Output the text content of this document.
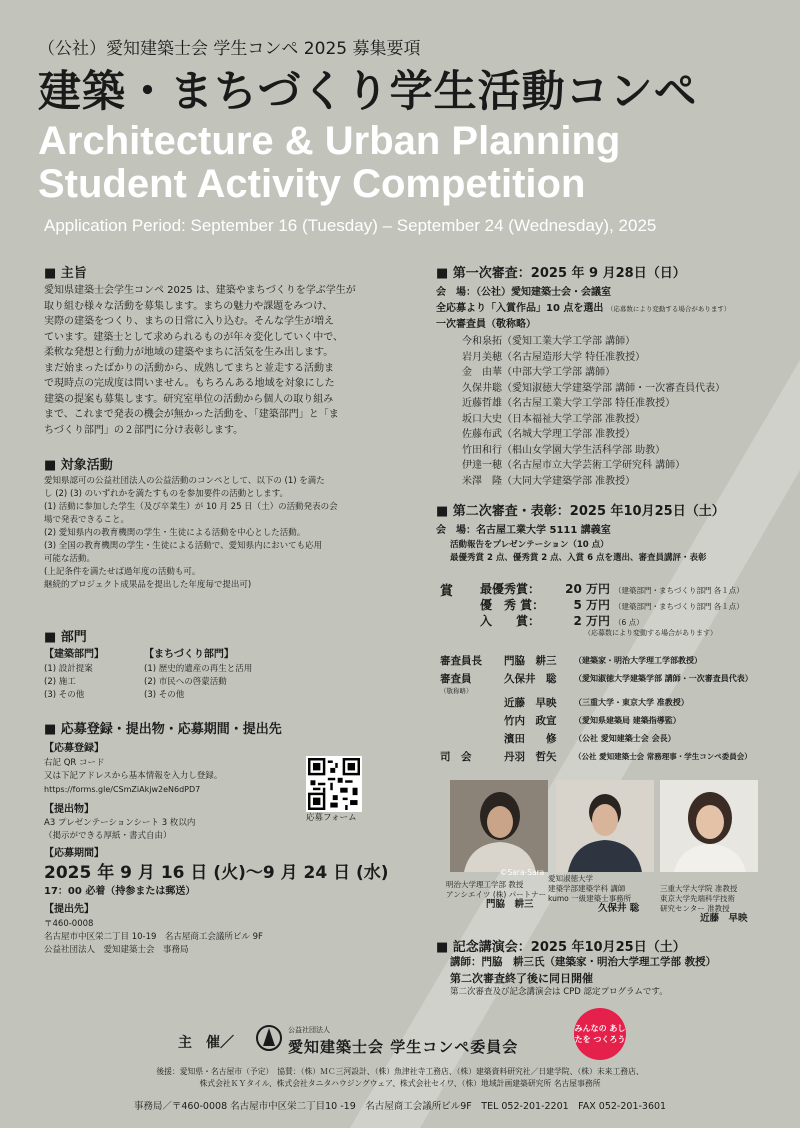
（公社）愛知建築士会 学生コンペ 2025 募集要項
建築・まちづくり学生活動コンペ
Architecture & Urban Planning
Student Activity Competition
Application Period: September 16 (Tuesday) – September 24 (Wednesday), 2025
■ 主旨
愛知県建築士会学生コンペ 2025 は、建築やまちづくりを学ぶ学生が
取り組む様々な活動を募集します。まちの魅力や課題をみつけ、
実際の建築をつくり、まちの日常に入り込む。そんな学生が増え
ています。建築士として求められるものが年々変化していく中で、
柔軟な発想と行動力が地域の建築やまちに活気を生み出します。
まだ始まったばかりの活動から、成熟してまちと並走する活動ま
で現時点の完成度は問いません。もちろんある地域を対象にした
建築の提案も募集します。研究室単位の活動から個人の取り組み
まで、これまで発表の機会が無かった活動を、「建築部門」と「ま
ちづくり部門」の２部門に分け表彰します。
■ 対象活動
愛知県認可の公益社団法人の公益活動のコンペとして、以下の (1) を満た
し (2) (3) のいずれかを満たすものを参加要件の活動とします。
(1) 活動に参加した学生（及び卒業生）が 10 月 25 日（土）の活動発表の会
場で発表できること。
(2) 愛知県内の教育機関の学生・生徒による活動を中心とした活動。
(3) 全国の教育機関の学生・生徒による活動で、愛知県内においても応用
可能な活動。
(上記条件を満たせば過年度の活動も可。
継続的プロジェクト成果品を提出した年度毎で提出可)
■ 部門
【建築部門】
(1) 設計提案
(2) 施工
(3) その他
【まちづくり部門】
(1) 歴史的遺産の再生と活用
(2) 市民への啓蒙活動
(3) その他
■ 応募登録・提出物・応募期間・提出先
【応募登録】
右記 QR コード
又は下記アドレスから基本情報を入力し登録。
https://forms.gle/CSmZiAkjw2eN6dPD7
【提出物】
A3 プレゼンテーションシート 3 枚以内
（掲示ができる厚紙・書式自由）
【応募期間】
2025 年 9 月 16 日 (火)～9 月 24 日 (水)
17：00 必着（持参または郵送）
【提出先】
〒460-0008
名古屋市中区栄二丁目 10-19　名古屋商工会議所ビル 9F
公益社団法人　愛知建築士会　事務局
応募フォーム
■ 第一次審査：2025 年 9 月28日（日）
会　場：（公社）愛知建築士会・会議室
全応募より「入賞作品」10 点を選出 （応募数により変動する場合があります）
一次審査員（敬称略）
今和泉拓（愛知工業大学工学部 講師）
岩月美穂（名古屋造形大学 特任准教授）
金　由華（中部大学工学部 講師）
久保井聡（愛知淑徳大学建築学部 講師・一次審査員代表）
近藤哲雄（名古屋工業大学工学部 特任准教授）
坂口大史（日本福祉大学工学部 准教授）
佐藤布武（名城大学理工学部 准教授）
竹田和行（椙山女学園大学生活科学部 助教）
伊達一穂（名古屋市立大学芸術工学研究科 講師）
米澤　隆（大同大学建築学部 准教授）
■ 第二次審査・表彰：2025 年10月25日（土）
会　場：名古屋工業大学 5111 講義室
活動報告をプレゼンテーション（10 点）
最優秀賞 2 点、優秀賞 2 点、入賞 6 点を選出、審査員講評・表彰
賞 最優秀賞：	20 万円 （建築部門・まちづくり部門 各１点）
優　秀 賞：	5 万円 （建築部門・まちづくり部門 各１点）
入　　賞：	2 万円 （6 点）
（応募数により変動する場合があります）
審査員長	門脇　耕三	（建築家・明治大学理工学部教授）
審査員
（敬称略）
久保井　聡	（愛知淑徳大学建築学部 講師・一次審査員代表）
近藤　早映	（三重大学・東京大学 准教授）
竹内　政宣	（愛知県建築局 建築指導監）
濱田　　修	（公社 愛知建築士会 会長）
司　会	丹羽　哲矢	（公社 愛知建築士会 常務理事・学生コンペ委員会）
©Sara-Sara
明治大学理工学部 教授
アンシエイツ (株) パートナー
門脇　耕三
愛知淑徳大学
建築学部建築学科 講師
kumo 一級建築士事務所
久保井 聡
三重大学大学院 准教授
東京大学先端科学技術
研究センター 准教授
近藤　早映
■ 記念講演会：2025 年10月25日（土）
講師：門脇　耕三氏（建築家・明治大学理工学部 教授）
第二次審査終了後に同日開催
第二次審査及び記念講演会は CPD 認定プログラムです。
主　催／
公益社団法人
愛知建築士会 学生コンペ委員会
みんなの あしたを つくろう
後援：愛知県・名古屋市（予定）　協賛：（株）ＭＣ三河設計、（株）魚津社寺工務店、（株）建築資料研究社／日建学院、（株）未来工務店、
株式会社ＫＹタイル、株式会社タニタハウジングウェア、株式会社セイワ、（株）地域計画建築研究所 名古屋事務所
事務局／〒460-0008 名古屋市中区栄二丁目10 -19　名古屋商工会議所ビル9F　TEL 052-201-2201　FAX 052-201-3601
